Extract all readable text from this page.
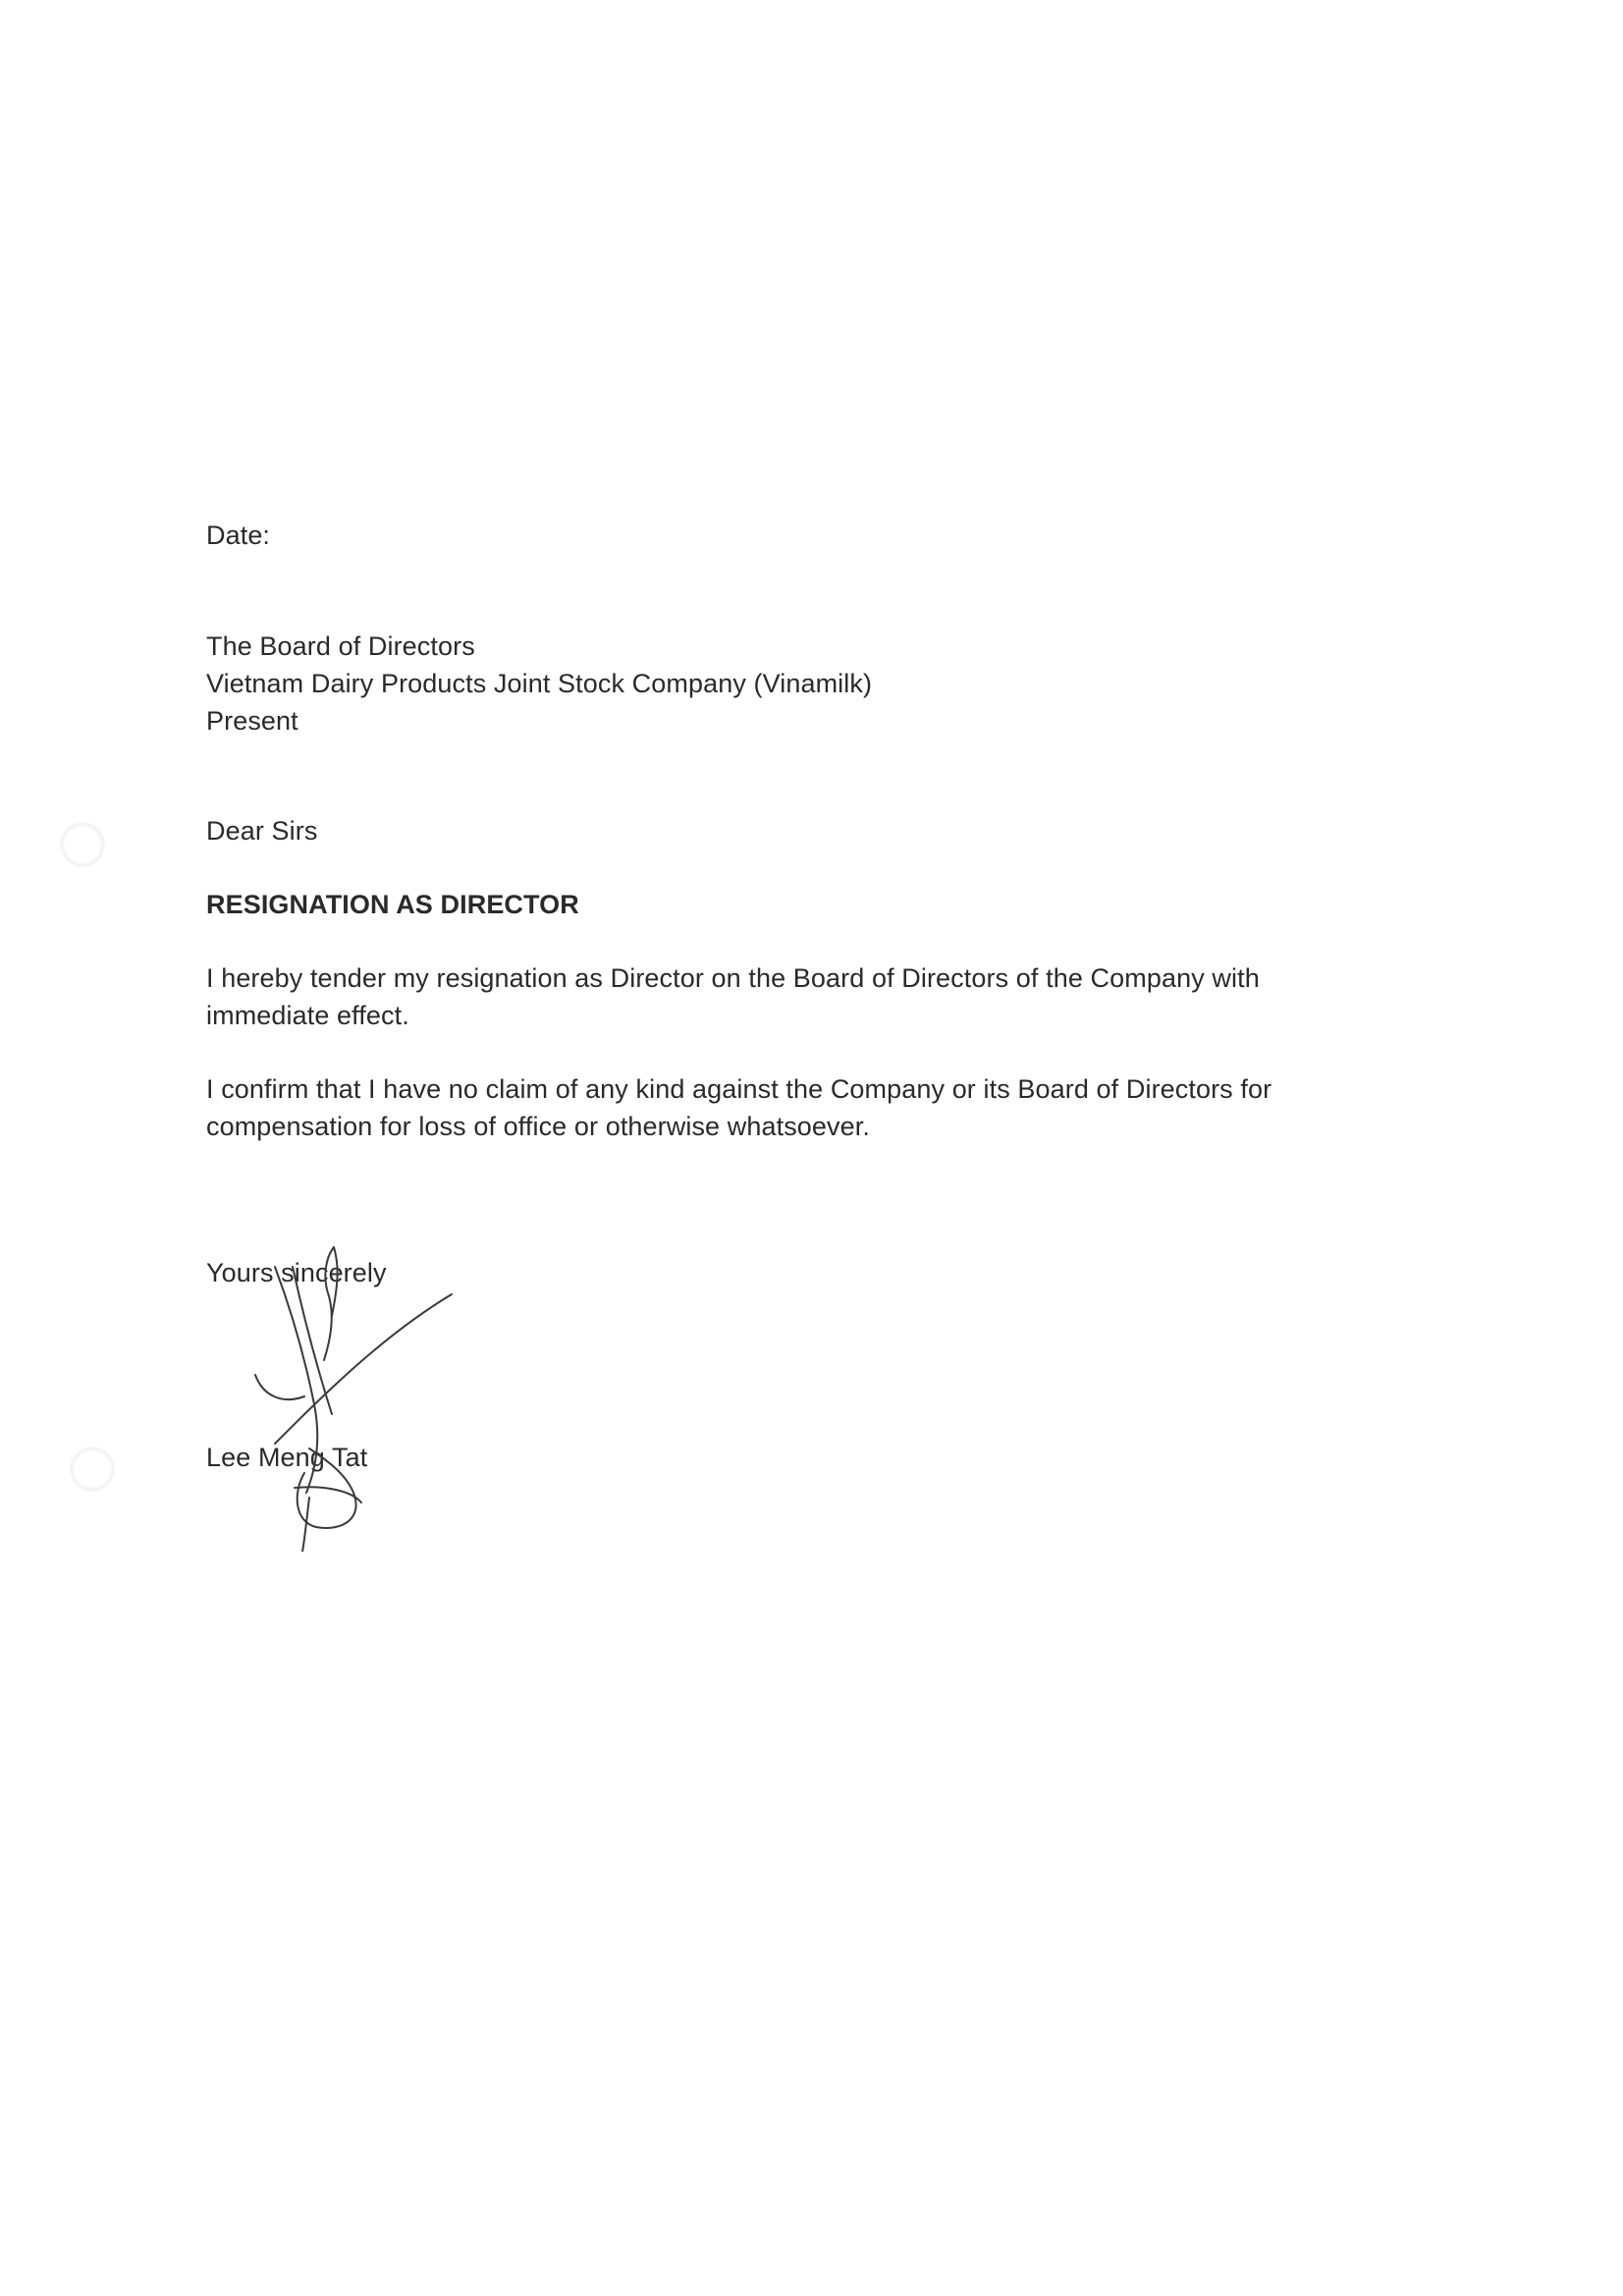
Date:
The Board of Directors
Vietnam Dairy Products Joint Stock Company (Vinamilk)
Present
Dear Sirs
RESIGNATION AS DIRECTOR
I hereby tender my resignation as Director on the Board of Directors of the Company with immediate effect.
I confirm that I have no claim of any kind against the Company or its Board of Directors for compensation for loss of office or otherwise whatsoever.
Yours sincerely
Lee Meng Tat
